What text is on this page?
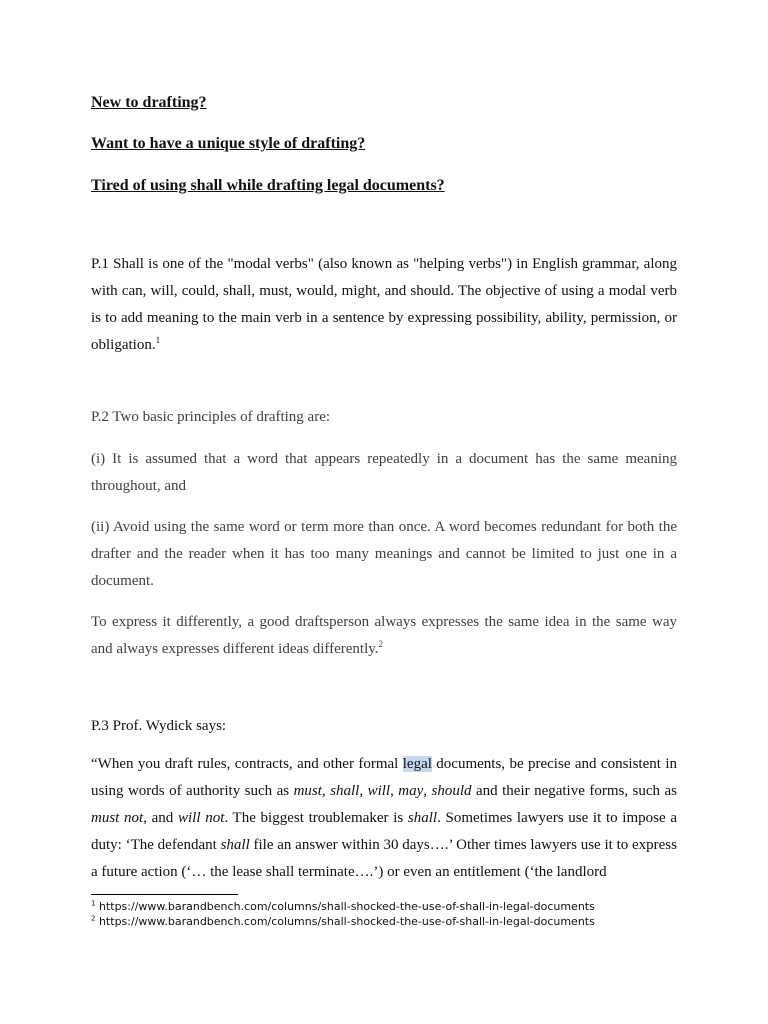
New to drafting?
Want to have a unique style of drafting?
Tired of using shall while drafting legal documents?

P.1 Shall is one of the "modal verbs" (also known as "helping verbs") in English grammar, along with can, will, could, shall, must, would, might, and should. The objective of using a modal verb is to add meaning to the main verb in a sentence by expressing possibility, ability, permission, or obligation.$^1$

P.2 Two basic principles of drafting are:

(i) It is assumed that a word that appears repeatedly in a document has the same meaning throughout, and

(ii) Avoid using the same word or term more than once. A word becomes redundant for both the drafter and the reader when it has too many meanings and cannot be limited to just one in a document.

To express it differently, a good draftsperson always expresses the same idea in the same way and always expresses different ideas differently.$^2$

P.3 Prof. Wydick says:

“When you draft rules, contracts, and other formal legal documents, be precise and consistent in using words of authority such as must, shall, will, may, should and their negative forms, such as must not, and will not. The biggest troublemaker is shall. Sometimes lawyers use it to impose a duty: ‘The defendant shall file an answer within 30 days….’ Other times lawyers use it to express a future action (‘… the lease shall terminate….’) or even an entitlement (‘the landlord

$^1$ https://www.barandbench.com/columns/shall-shocked-the-use-of-shall-in-legal-documents
$^2$ https://www.barandbench.com/columns/shall-shocked-the-use-of-shall-in-legal-documents
